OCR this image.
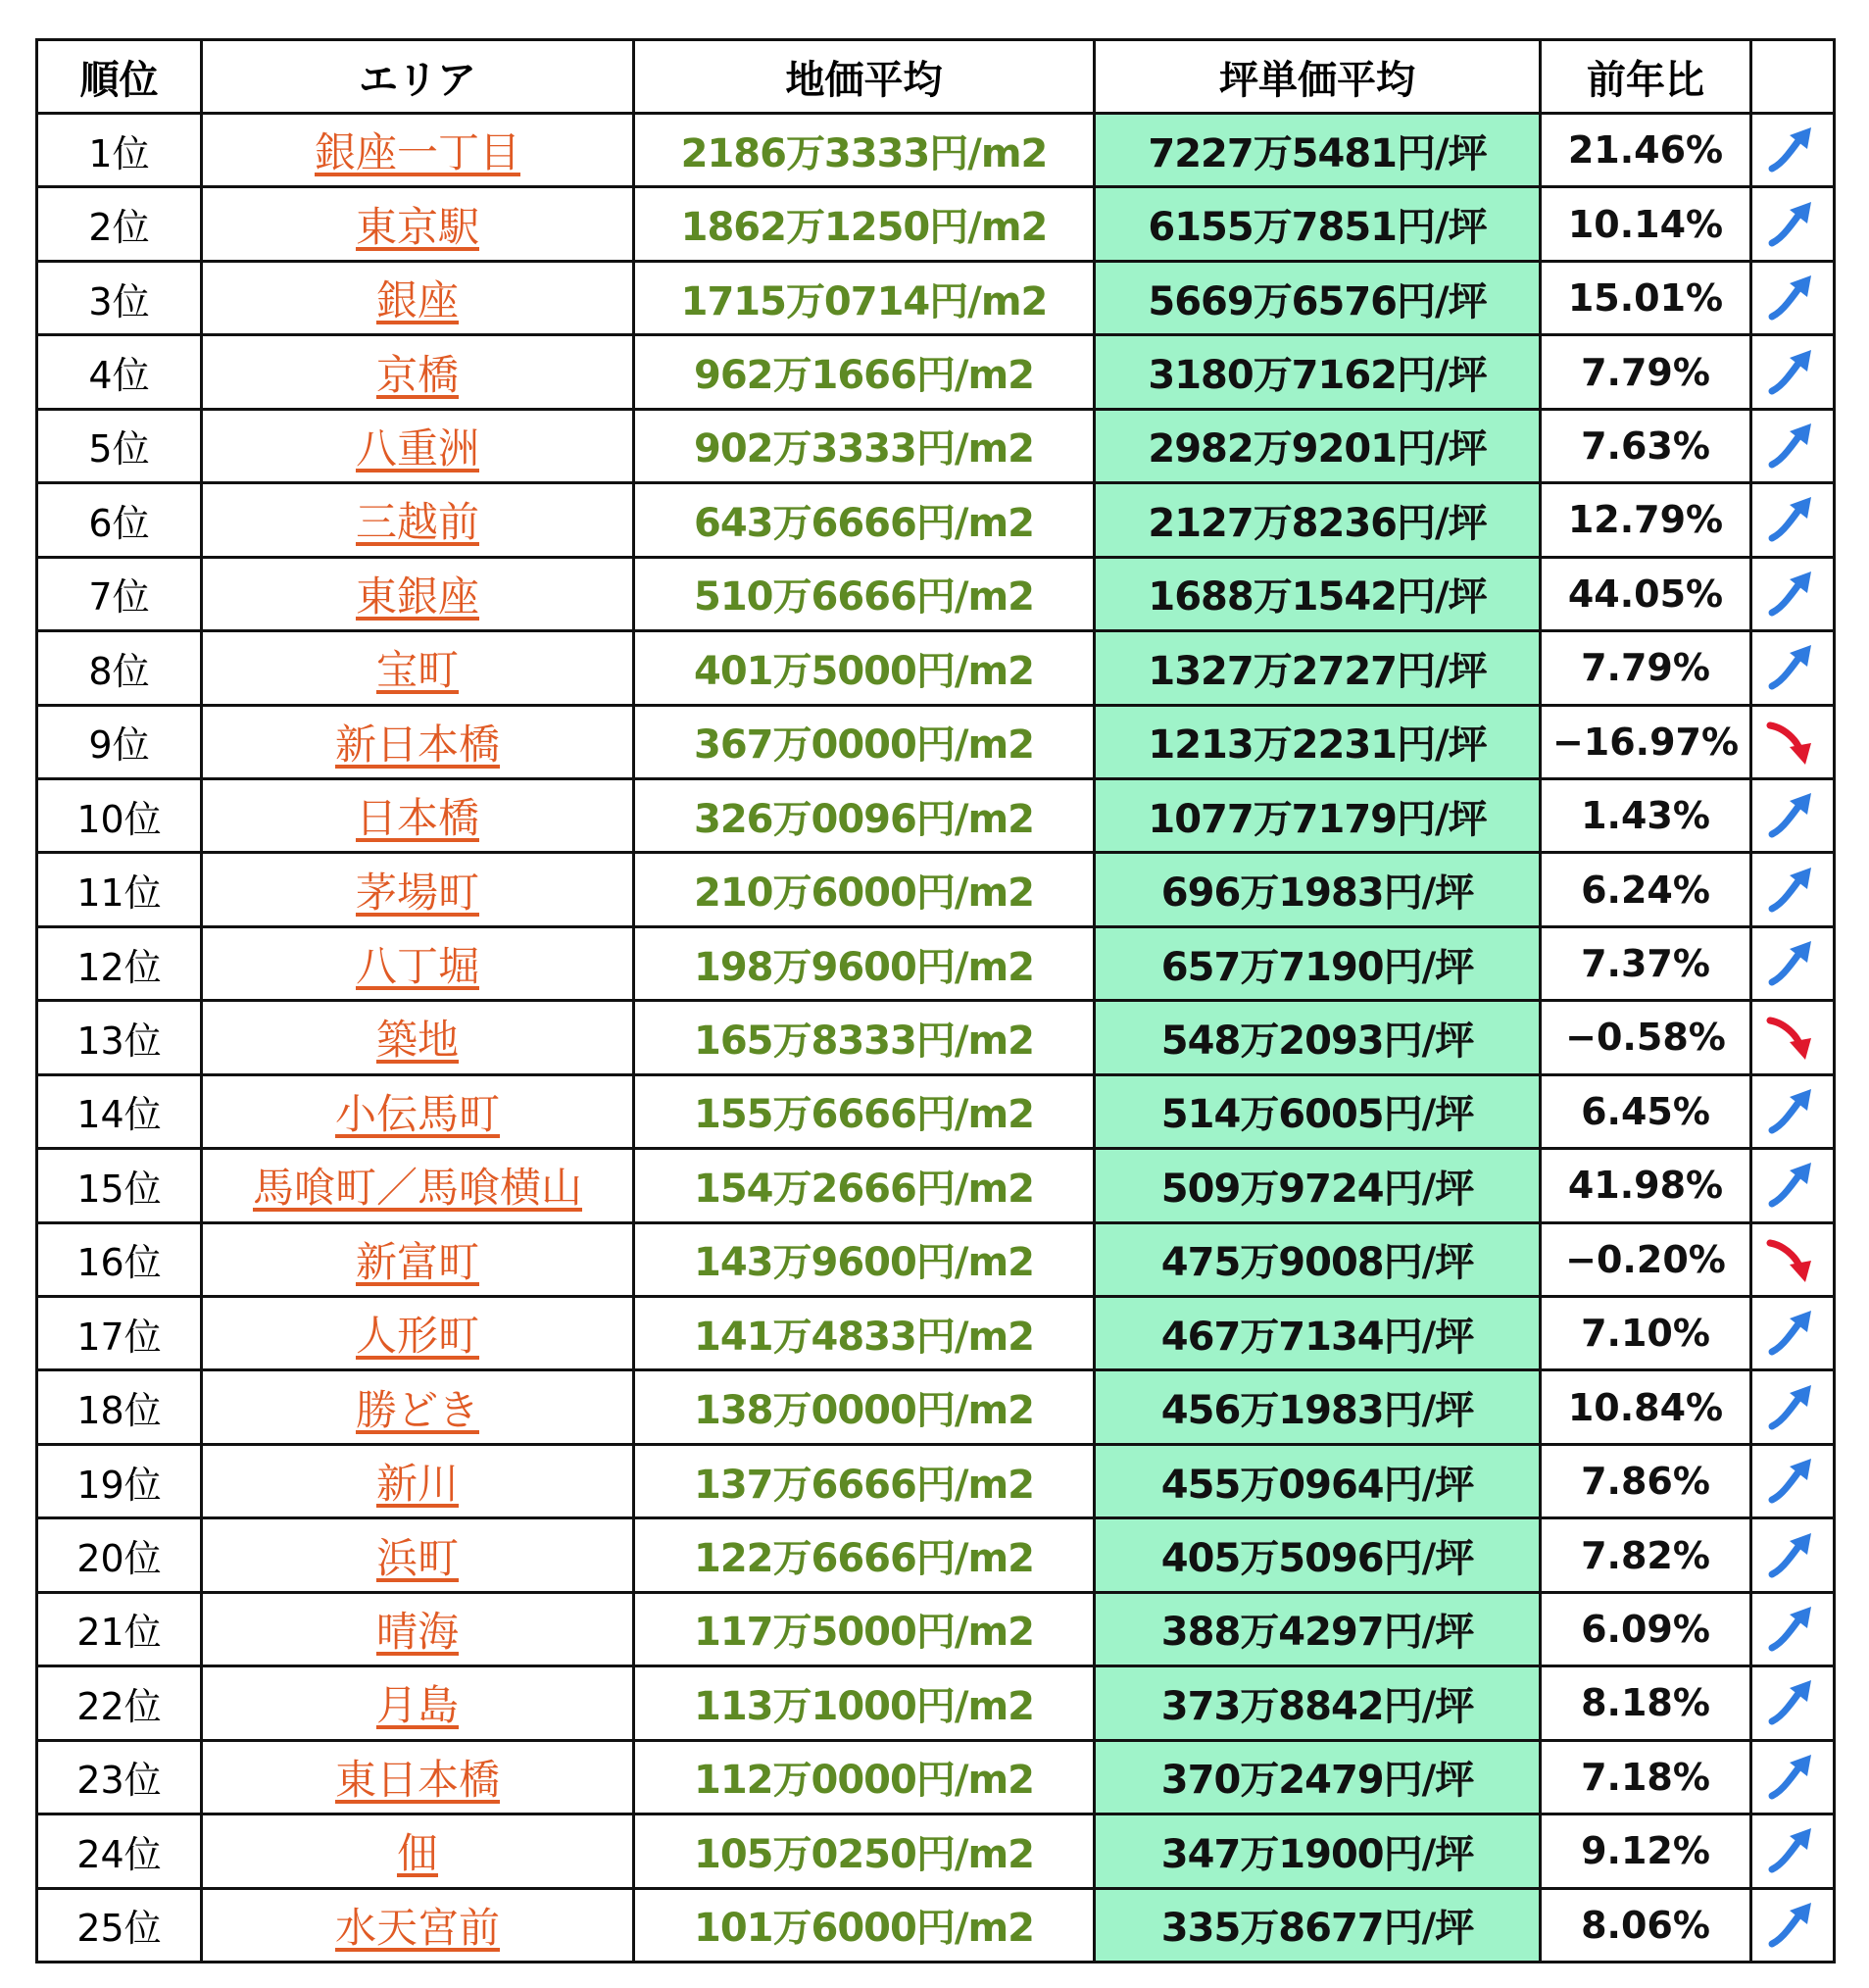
順位	エリア	地価平均	坪単価平均	前年比	
1位	銀座一丁目	2186万3333円/m2	7227万5481円/坪	21.46%	

2位	東京駅	1862万1250円/m2	6155万7851円/坪	10.14%	

3位	銀座	1715万0714円/m2	5669万6576円/坪	15.01%	

4位	京橋	962万1666円/m2	3180万7162円/坪	7.79%	

5位	八重洲	902万3333円/m2	2982万9201円/坪	7.63%	

6位	三越前	643万6666円/m2	2127万8236円/坪	12.79%	

7位	東銀座	510万6666円/m2	1688万1542円/坪	44.05%	

8位	宝町	401万5000円/m2	1327万2727円/坪	7.79%	

9位	新日本橋	367万0000円/m2	1213万2231円/坪	−16.97%	

10位	日本橋	326万0096円/m2	1077万7179円/坪	1.43%	

11位	茅場町	210万6000円/m2	696万1983円/坪	6.24%	

12位	八丁堀	198万9600円/m2	657万7190円/坪	7.37%	

13位	築地	165万8333円/m2	548万2093円/坪	−0.58%	

14位	小伝馬町	155万6666円/m2	514万6005円/坪	6.45%	

15位	馬喰町／馬喰横山	154万2666円/m2	509万9724円/坪	41.98%	

16位	新富町	143万9600円/m2	475万9008円/坪	−0.20%	

17位	人形町	141万4833円/m2	467万7134円/坪	7.10%	

18位	勝どき	138万0000円/m2	456万1983円/坪	10.84%	

19位	新川	137万6666円/m2	455万0964円/坪	7.86%	

20位	浜町	122万6666円/m2	405万5096円/坪	7.82%	

21位	晴海	117万5000円/m2	388万4297円/坪	6.09%	

22位	月島	113万1000円/m2	373万8842円/坪	8.18%	

23位	東日本橋	112万0000円/m2	370万2479円/坪	7.18%	

24位	佃	105万0250円/m2	347万1900円/坪	9.12%	

25位	水天宮前	101万6000円/m2	335万8677円/坪	8.06%	
